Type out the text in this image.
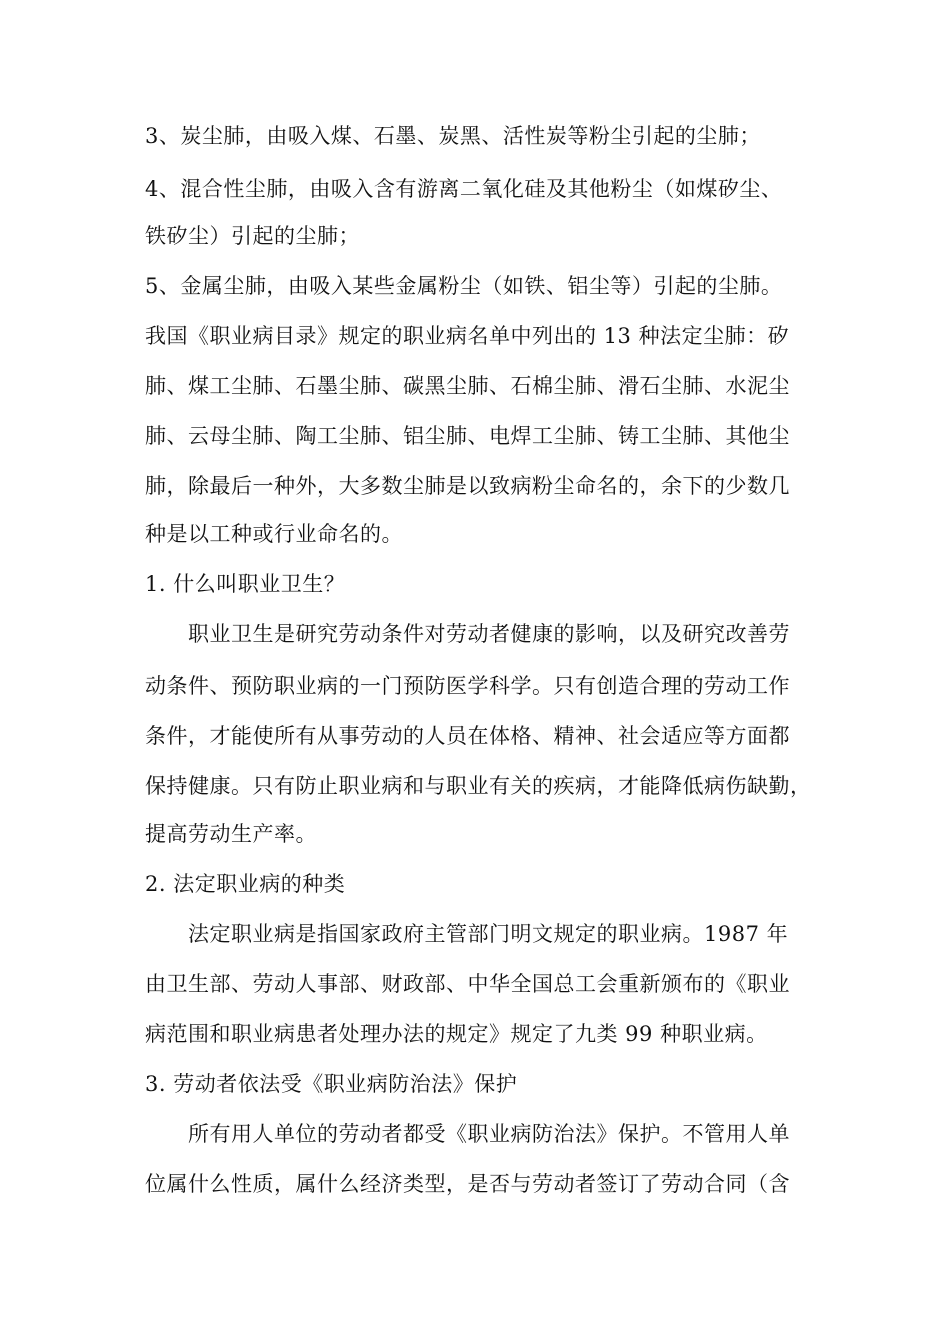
3、炭尘肺，由吸入煤、石墨、炭黑、活性炭等粉尘引起的尘肺；
4、混合性尘肺，由吸入含有游离二氧化硅及其他粉尘（如煤矽尘、
铁矽尘）引起的尘肺；
5、金属尘肺，由吸入某些金属粉尘（如铁、铝尘等）引起的尘肺。
我国《职业病目录》规定的职业病名单中列出的 13 种法定尘肺：矽
肺、煤工尘肺、石墨尘肺、碳黑尘肺、石棉尘肺、滑石尘肺、水泥尘
肺、云母尘肺、陶工尘肺、铝尘肺、电焊工尘肺、铸工尘肺、其他尘
肺，除最后一种外，大多数尘肺是以致病粉尘命名的，余下的少数几
种是以工种或行业命名的。
1. 什么叫职业卫生？
职业卫生是研究劳动条件对劳动者健康的影响，以及研究改善劳
动条件、预防职业病的一门预防医学科学。只有创造合理的劳动工作
条件，才能使所有从事劳动的人员在体格、精神、社会适应等方面都
保持健康。只有防止职业病和与职业有关的疾病，才能降低病伤缺勤，
提高劳动生产率。
2. 法定职业病的种类
法定职业病是指国家政府主管部门明文规定的职业病。1987 年
由卫生部、劳动人事部、财政部、中华全国总工会重新颁布的《职业
病范围和职业病患者处理办法的规定》规定了九类 99 种职业病。
3. 劳动者依法受《职业病防治法》保护
所有用人单位的劳动者都受《职业病防治法》保护。不管用人单
位属什么性质，属什么经济类型，是否与劳动者签订了劳动合同（含
